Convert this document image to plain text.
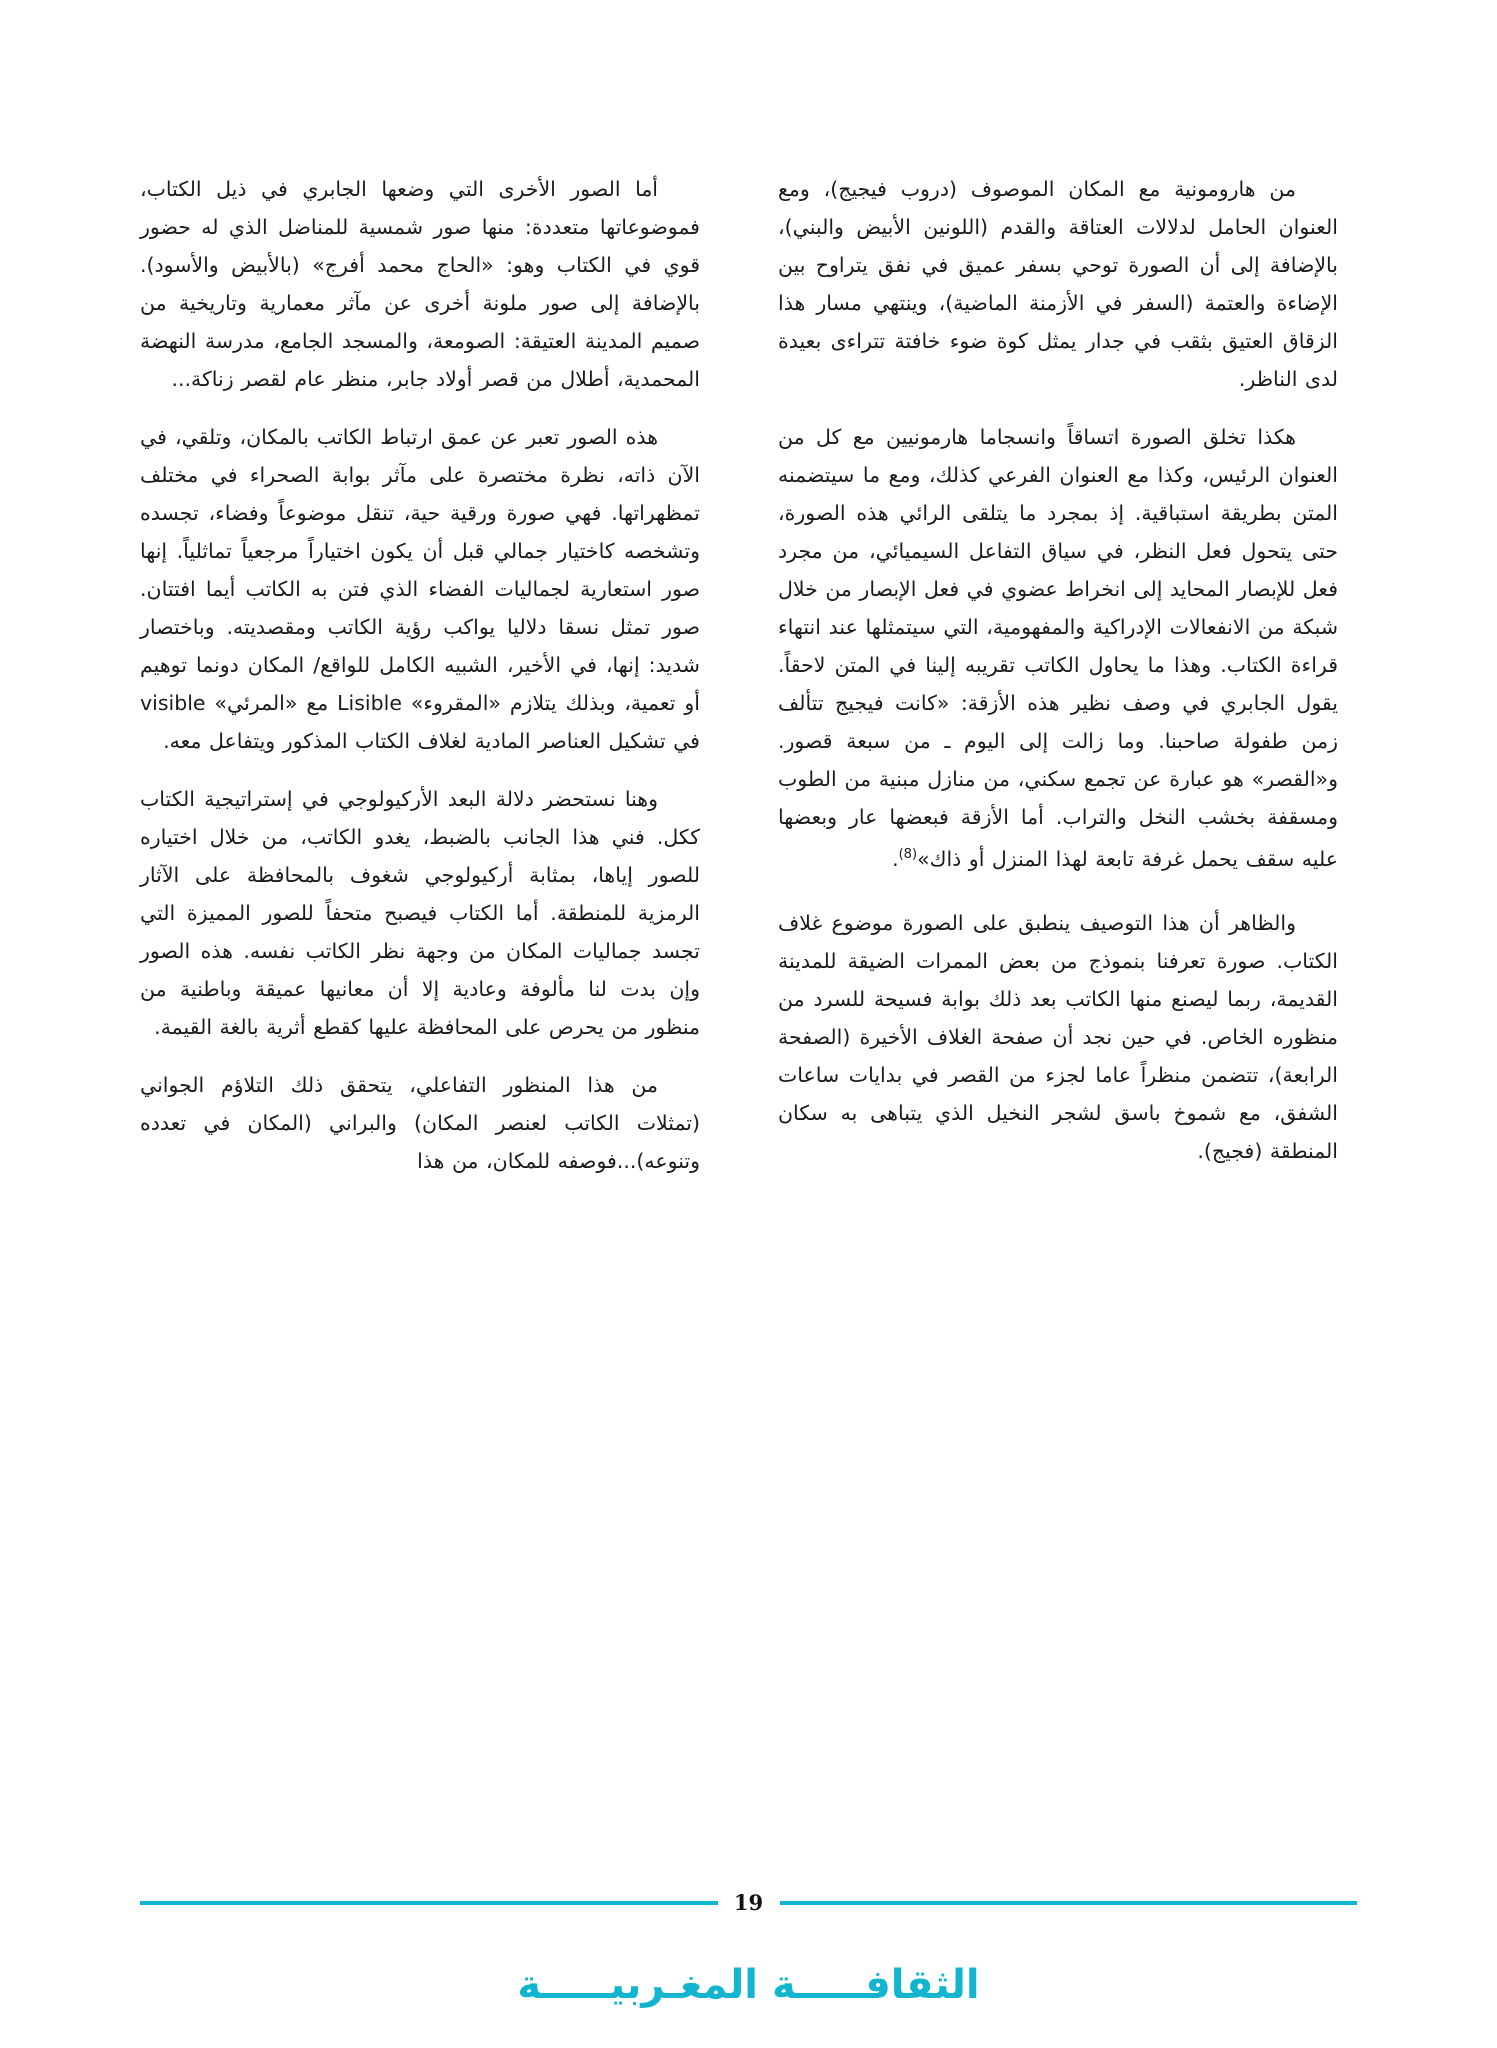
أما الصور الأخرى التي وضعها الجابري في ذيل الكتاب، فموضوعاتها متعددة: منها صور شمسية للمناضل الذي له حضور قوي في الكتاب وهو: «الحاج محمد أفرج» (بالأبيض والأسود). بالإضافة إلى صور ملونة أخرى عن مآثر معمارية وتاريخية من صميم المدينة العتيقة: الصومعة، والمسجد الجامع، مدرسة النهضة المحمدية، أطلال من قصر أولاد جابر، منظر عام لقصر زناكة...

هذه الصور تعبر عن عمق ارتباط الكاتب بالمكان، وتلقي، في الآن ذاته، نظرة مختصرة على مآثر بوابة الصحراء في مختلف تمظهراتها. فهي صورة ورقية حية، تنقل موضوعاً وفضاء، تجسده وتشخصه كاختيار جمالي قبل أن يكون اختياراً مرجعياً تماثلياً. إنها صور استعارية لجماليات الفضاء الذي فتن به الكاتب أيما افتتان. صور تمثل نسقا دلاليا يواكب رؤية الكاتب ومقصديته. وباختصار شديد: إنها، في الأخير، الشبيه الكامل للواقع/ المكان دونما توهيم أو تعمية، وبذلك يتلازم «المقروء» Lisible مع «المرئي» visible في تشكيل العناصر المادية لغلاف الكتاب المذكور ويتفاعل معه.

وهنا نستحضر دلالة البعد الأركيولوجي في إستراتيجية الكتاب ككل. فني هذا الجانب بالضبط، يغدو الكاتب، من خلال اختياره للصور إياها، بمثابة أركيولوجي شغوف بالمحافظة على الآثار الرمزية للمنطقة. أما الكتاب فيصبح متحفاً للصور المميزة التي تجسد جماليات المكان من وجهة نظر الكاتب نفسه. هذه الصور وإن بدت لنا مألوفة وعادية إلا أن معانيها عميقة وباطنية من منظور من يحرص على المحافظة عليها كقطع أثرية بالغة القيمة.

من هذا المنظور التفاعلي، يتحقق ذلك التلاؤم الجواني (تمثلات الكاتب لعنصر المكان) والبراني (المكان في تعدده وتنوعه)...فوصفه للمكان، من هذا

من هارومونية مع المكان الموصوف (دروب فيجيج)، ومع العنوان الحامل لدلالات العتاقة والقدم (اللونين الأبيض والبني)، بالإضافة إلى أن الصورة توحي بسفر عميق في نفق يتراوح بين الإضاءة والعتمة (السفر في الأزمنة الماضية)، وينتهي مسار هذا الزقاق العتيق بثقب في جدار يمثل كوة ضوء خافتة تتراءى بعيدة لدى الناظر.

هكذا تخلق الصورة اتساقاً وانسجاما هارمونيين مع كل من العنوان الرئيس، وكذا مع العنوان الفرعي كذلك، ومع ما سيتضمنه المتن بطريقة استباقية. إذ بمجرد ما يتلقى الرائي هذه الصورة، حتى يتحول فعل النظر، في سياق التفاعل السيميائي، من مجرد فعل للإبصار المحايد إلى انخراط عضوي في فعل الإبصار من خلال شبكة من الانفعالات الإدراكية والمفهومية، التي سيتمثلها عند انتهاء قراءة الكتاب. وهذا ما يحاول الكاتب تقريبه إلينا في المتن لاحقاً. يقول الجابري في وصف نظير هذه الأزقة: «كانت فيجيج تتألف زمن طفولة صاحبنا. وما زالت إلى اليوم ـ من سبعة قصور. و«القصر» هو عبارة عن تجمع سكني، من منازل مبنية من الطوب ومسقفة بخشب النخل والتراب. أما الأزقة فبعضها عار وبعضها عليه سقف يحمل غرفة تابعة لهذا المنزل أو ذاك»$^{(8)}$.

والظاهر أن هذا التوصيف ينطبق على الصورة موضوع غلاف الكتاب. صورة تعرفنا بنموذج من بعض الممرات الضيقة للمدينة القديمة، ربما ليصنع منها الكاتب بعد ذلك بوابة فسيحة للسرد من منظوره الخاص. في حين نجد أن صفحة الغلاف الأخيرة (الصفحة الرابعة)، تتضمن منظراً عاما لجزء من القصر في بدايات ساعات الشفق، مع شموخ باسق لشجر النخيل الذي يتباهى به سكان المنطقة (فجيج).

19
الثقافـــــة المغـربيـــــة
